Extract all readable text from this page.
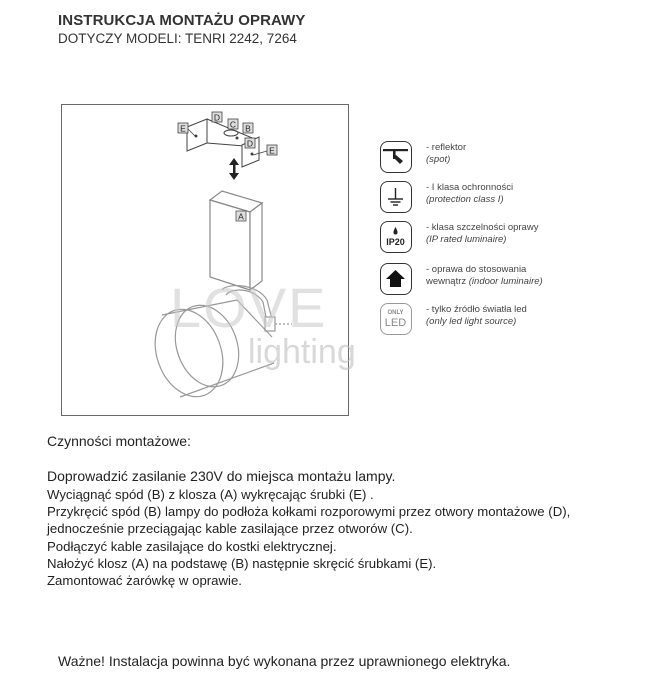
INSTRUKCJA MONTAŻU OPRAWY
DOTYCZY MODELI: TENRI 2242, 7264
E
D
C B
D
E
A
LOVE
lighting
- reflektor
(spot)
- I klasa ochronności
(protection class I)
IP20
- klasa szczelności oprawy
(IP rated luminaire)
- oprawa do stosowania
wewnątrz (indoor luminaire)
ONLY
LED
- tylko źródło światła led
(only led light source)
Czynności montażowe:
Doprowadzić zasilanie 230V do miejsca montażu lampy.
Wyciągnąć spód (B) z klosza (A) wykręcając śrubki (E) .
Przykręcić spód (B) lampy do podłoża kołkami rozporowymi przez otwory montażowe (D),
jednocześnie przeciągając kable zasilające przez otworów (C).
Podłączyć kable zasilające do kostki elektrycznej.
Nałożyć klosz (A) na podstawę (B) następnie skręcić śrubkami (E).
Zamontować żarówkę w oprawie.
Ważne! Instalacja powinna być wykonana przez uprawnionego elektryka.
